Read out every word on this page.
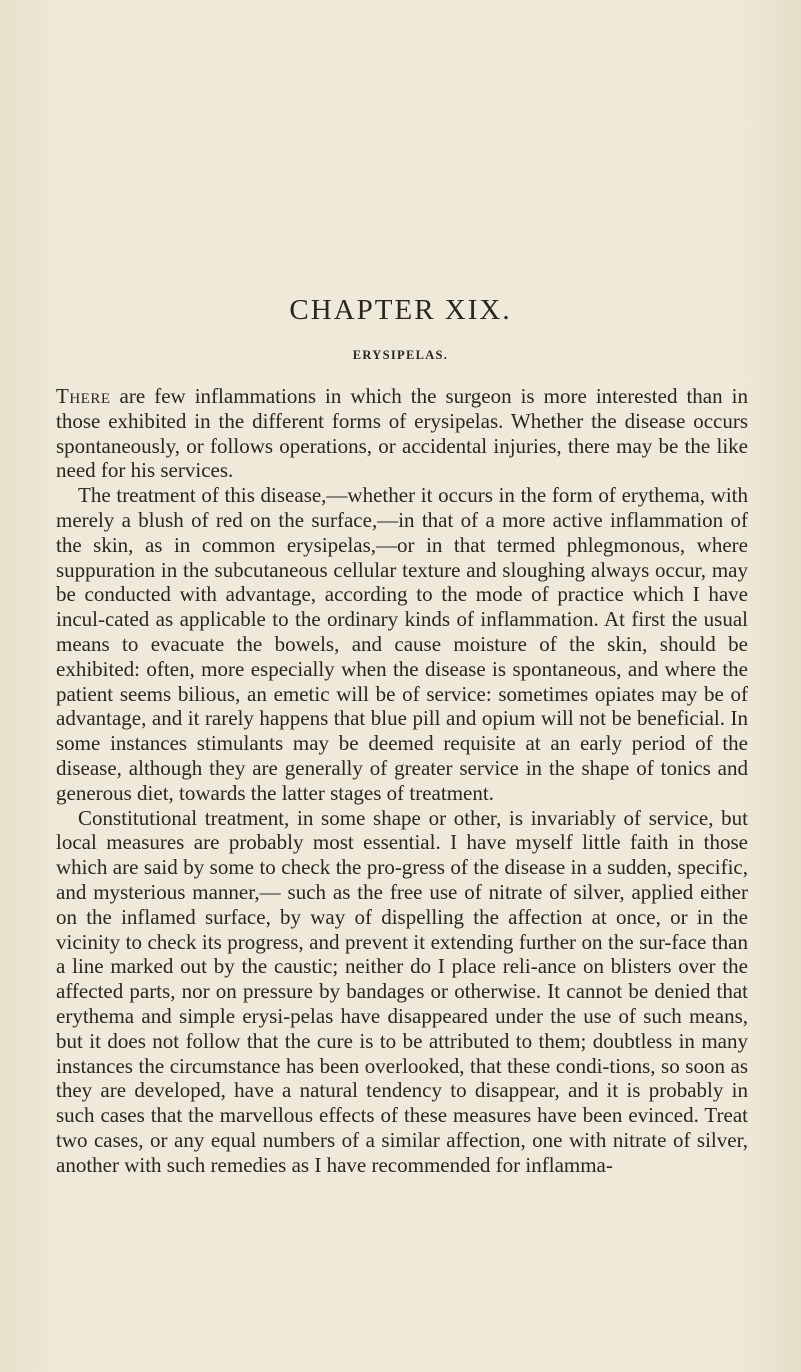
CHAPTER XIX.
ERYSIPELAS.

There are few inflammations in which the surgeon is more interested than in those exhibited in the different forms of erysipelas. Whether the disease occurs spontaneously, or follows operations, or accidental injuries, there may be the like need for his services.

The treatment of this disease,—whether it occurs in the form of erythema, with merely a blush of red on the surface,—in that of a more active inflammation of the skin, as in common erysipelas,—or in that termed phlegmonous, where suppuration in the subcutaneous cellular texture and sloughing always occur, may be conducted with advantage, according to the mode of practice which I have incul-cated as applicable to the ordinary kinds of inflammation. At first the usual means to evacuate the bowels, and cause moisture of the skin, should be exhibited: often, more especially when the disease is spontaneous, and where the patient seems bilious, an emetic will be of service: sometimes opiates may be of advantage, and it rarely happens that blue pill and opium will not be beneficial. In some instances stimulants may be deemed requisite at an early period of the disease, although they are generally of greater service in the shape of tonics and generous diet, towards the latter stages of treatment.

Constitutional treatment, in some shape or other, is invariably of service, but local measures are probably most essential. I have myself little faith in those which are said by some to check the pro-gress of the disease in a sudden, specific, and mysterious manner,— such as the free use of nitrate of silver, applied either on the inflamed surface, by way of dispelling the affection at once, or in the vicinity to check its progress, and prevent it extending further on the sur-face than a line marked out by the caustic; neither do I place reli-ance on blisters over the affected parts, nor on pressure by bandages or otherwise. It cannot be denied that erythema and simple erysi-pelas have disappeared under the use of such means, but it does not follow that the cure is to be attributed to them; doubtless in many instances the circumstance has been overlooked, that these condi-tions, so soon as they are developed, have a natural tendency to disappear, and it is probably in such cases that the marvellous effects of these measures have been evinced. Treat two cases, or any equal numbers of a similar affection, one with nitrate of silver, another with such remedies as I have recommended for inflamma-
